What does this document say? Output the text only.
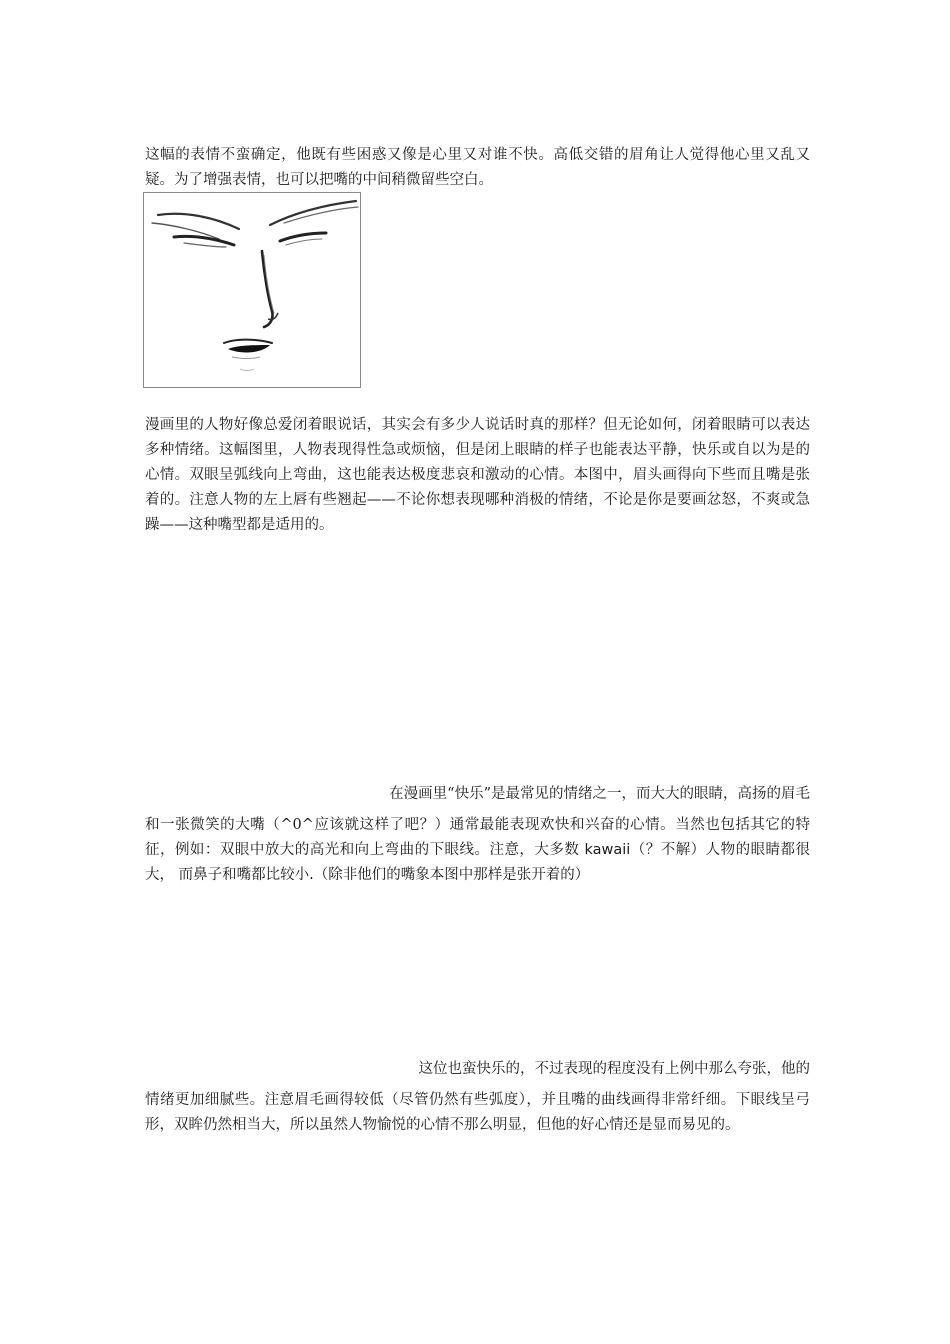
这幅的表情不蛮确定，他既有些困惑又像是心里又对谁不快。高低交错的眉角让人觉得他心里又乱又疑。为了增强表情，也可以把嘴的中间稍微留些空白。

漫画里的人物好像总爱闭着眼说话，其实会有多少人说话时真的那样？但无论如何，闭着眼睛可以表达多种情绪。这幅图里，人物表现得性急或烦恼，但是闭上眼睛的样子也能表达平静，快乐或自以为是的心情。双眼呈弧线向上弯曲，这也能表达极度悲哀和激动的心情。本图中，眉头画得向下些而且嘴是张着的。注意人物的左上唇有些翘起——不论你想表现哪种消极的情绪，不论是你是要画忿怒，不爽或急躁——这种嘴型都是适用的。

在漫画里“快乐”是最常见的情绪之一，而大大的眼睛，高扬的眉毛
和一张微笑的大嘴（^0^应该就这样了吧？）通常最能表现欢快和兴奋的心情。当然也包括其它的特征，例如：双眼中放大的高光和向上弯曲的下眼线。注意，大多数 kawaii（？不解）人物的眼睛都很大， 而鼻子和嘴都比较小.（除非他们的嘴象本图中那样是张开着的）

这位也蛮快乐的，不过表现的程度没有上例中那么夸张，他的
情绪更加细腻些。注意眉毛画得较低（尽管仍然有些弧度），并且嘴的曲线画得非常纤细。下眼线呈弓形，双眸仍然相当大，所以虽然人物愉悦的心情不那么明显，但他的好心情还是显而易见的。
